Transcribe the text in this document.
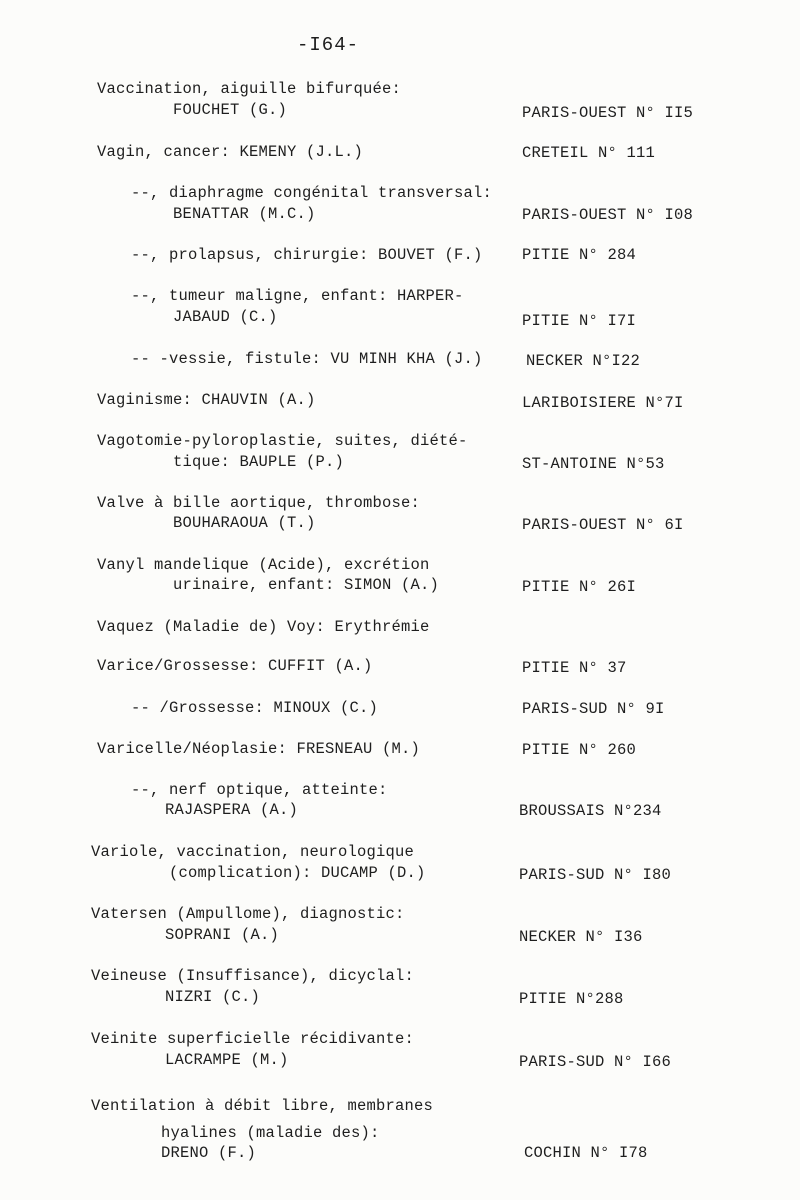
-I64-
Vaccination, aiguille bifurquée:
FOUCHET (G.)	PARIS-OUEST N° II5
Vagin, cancer: KEMENY (J.L.)	CRETEIL N° 111
--, diaphragme congénital transversal:
BENATTAR (M.C.)	PARIS-OUEST N° I08
--, prolapsus, chirurgie: BOUVET (F.)	PITIE N° 284
--, tumeur maligne, enfant: HARPER-
JABAUD (C.)	PITIE N° I7I
-- -vessie, fistule: VU MINH KHA (J.)	NECKER N°I22
Vaginisme: CHAUVIN (A.)	LARIBOISIERE N°7I
Vagotomie-pyloroplastie, suites, diété-
tique: BAUPLE (P.)	ST-ANTOINE N°53
Valve à bille aortique, thrombose:
BOUHARAOUA (T.)	PARIS-OUEST N° 6I
Vanyl mandelique (Acide), excrétion
urinaire, enfant: SIMON (A.)	PITIE N° 26I
Vaquez (Maladie de) Voy: Erythrémie
Varice/Grossesse: CUFFIT (A.)	PITIE N° 37
-- /Grossesse: MINOUX (C.)	PARIS-SUD N° 9I
Varicelle/Néoplasie: FRESNEAU (M.)	PITIE N° 260
--, nerf optique, atteinte:
RAJASPERA (A.)	BROUSSAIS N°234
Variole, vaccination, neurologique
(complication): DUCAMP (D.)	PARIS-SUD N° I80
Vatersen (Ampullome), diagnostic:
SOPRANI (A.)	NECKER N° I36
Veineuse (Insuffisance), dicyclal:
NIZRI (C.)	PITIE N°288
Veinite superficielle récidivante:
LACRAMPE (M.)	PARIS-SUD N° I66
Ventilation à débit libre, membranes
hyalines (maladie des):
DRENO (F.)	COCHIN N° I78
